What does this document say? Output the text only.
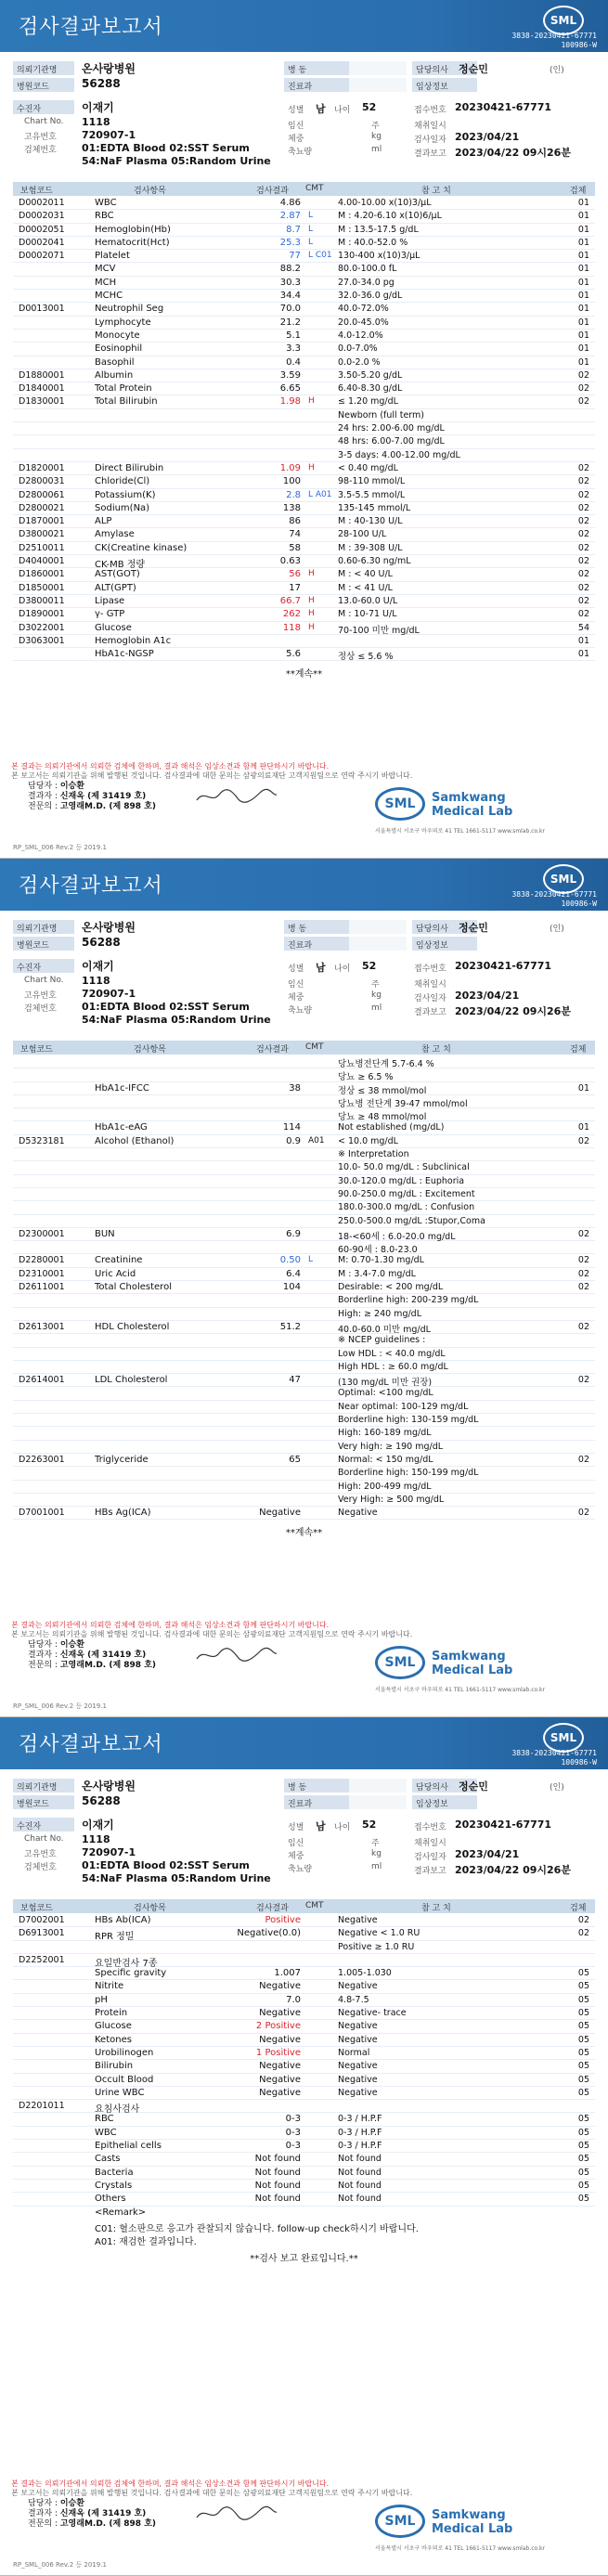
검사결과보고서	SML
3838-20230421-67771
100986-W
의뢰기관명	온사랑병원
병원코드	56288
병 동
진료과
담당의사	정순민	(인)
임상정보
수진자	이재기
Chart No. 1118
고유번호 720907-1
검체번호 01:EDTA Blood 02:SST Serum
54:NaF Plasma 05:Random Urine
성별 남 나이 52
임신	주
체중	kg
축뇨량	ml
접수번호 20230421-67771
채취일시
검사일자 2023/04/21
결과보고 2023/04/22 09시26분
보험코드	검사항목	검사결과 CMT	참 고 치	검체
D0002011	WBC	4.86	4.00-10.00 x(10)3/μL	01
D0002031	RBC	2.87 L	M : 4.20-6.10 x(10)6/μL	01
D0002051	Hemoglobin(Hb)	8.7 L	M : 13.5-17.5 g/dL	01
D0002041	Hematocrit(Hct)	25.3 L	M : 40.0-52.0 %	01
D0002071	Platelet	77 L C01 130-400 x(10)3/μL	01
MCV	88.2	80.0-100.0 fL	01
MCH	30.3	27.0-34.0 pg	01
MCHC	34.4	32.0-36.0 g/dL	01
D0013001	Neutrophil Seg	70.0	40.0-72.0%	01
Lymphocyte	21.2	20.0-45.0%	01
Monocyte	5.1	4.0-12.0%	01
Eosinophil	3.3	0.0-7.0%	01
Basophil	0.4	0.0-2.0 %	01
D1880001	Albumin	3.59	3.50-5.20 g/dL	02
D1840001	Total Protein	6.65	6.40-8.30 g/dL	02
D1830001	Total Bilirubin	1.98 H	≤ 1.20 mg/dL	02
Newborn (full term)
24 hrs: 2.00-6.00 mg/dL
48 hrs: 6.00-7.00 mg/dL
3-5 days: 4.00-12.00 mg/dL
D1820001	Direct Bilirubin	1.09 H	< 0.40 mg/dL	02
D2800031	Chloride(Cl)	100	98-110 mmol/L	02
D2800061	Potassium(K)	2.8 L A01 3.5-5.5 mmol/L	02
D2800021	Sodium(Na)	138	135-145 mmol/L	02
D1870001	ALP	86	M : 40-130 U/L	02
D3800021	Amylase	74	28-100 U/L	02
D2510011	CK(Creatine kinase)	58	M : 39-308 U/L	02
D4040001	CK-MB 정량	0.63	0.60-6.30 ng/mL	02
D1860001	AST(GOT)	56 H	M : < 40 U/L	02
D1850001	ALT(GPT)	17	M : < 41 U/L	02
D3800011	Lipase	66.7 H	13.0-60.0 U/L	02
D1890001	γ- GTP	262 H	M : 10-71 U/L	02
D3022001	Glucose	118 H	70-100 미만 mg/dL	54
D3063001	Hemoglobin A1c	01
HbA1c-NGSP	5.6	정상 ≤ 5.6 %	01
**계속**
본 결과는 의뢰기관에서 의뢰한 검체에 한하며, 결과 해석은 임상소견과 함께 판단하시기 바랍니다.
본 보고서는 의뢰기관을 위해 발행된 것입니다. 검사결과에 대한 문의는 삼광의료재단 고객지원팀으로 연락 주시기 바랍니다.
담당자 : 이승환
결과자 : 신재옥 (제 31419 호)
전문의 : 고영래M.D. (제 898 호)	SML	Samkwang
Medical Lab
서울특별시 서초구 바우뫼로 41 TEL 1661-5117 www.smlab.co.kr
RP_SML_006 Rev.2 등 2019.1
검사결과보고서	SML
3838-20230421-67771
100986-W
의뢰기관명	온사랑병원
병원코드	56288
병 동
진료과
담당의사	정순민	(인)
임상정보
수진자	이재기
Chart No. 1118
고유번호 720907-1
검체번호 01:EDTA Blood 02:SST Serum
54:NaF Plasma 05:Random Urine
성별 남 나이 52
임신	주
체중	kg
축뇨량	ml
접수번호 20230421-67771
채취일시
검사일자 2023/04/21
결과보고 2023/04/22 09시26분
보험코드	검사항목	검사결과 CMT	참 고 치	검체
당뇨병전단계 5.7-6.4 %
당뇨 ≥ 6.5 %
HbA1c-IFCC	38	정상 ≤ 38 mmol/mol	01
당뇨병 전단계 39-47 mmol/mol
당뇨 ≥ 48 mmol/mol
HbA1c-eAG	114	Not established (mg/dL)	01
D5323181	Alcohol (Ethanol)	0.9 A01	< 10.0 mg/dL	02
※ Interpretation
10.0- 50.0 mg/dL : Subclinical
30.0-120.0 mg/dL : Euphoria
90.0-250.0 mg/dL : Excitement
180.0-300.0 mg/dL : Confusion
250.0-500.0 mg/dL :Stupor,Coma
D2300001	BUN	6.9	18-<60세 : 6.0-20.0 mg/dL	02
60-90세 : 8.0-23.0
D2280001	Creatinine	0.50 L	M: 0.70-1.30 mg/dL	02
D2310001	Uric Acid	6.4	M : 3.4-7.0 mg/dL	02
D2611001	Total Cholesterol	104	Desirable: < 200 mg/dL	02
Borderline high: 200-239 mg/dL
High: ≥ 240 mg/dL
D2613001	HDL Cholesterol	51.2	40.0-60.0 미만 mg/dL	02
※ NCEP guidelines :
Low HDL : < 40.0 mg/dL
High HDL : ≥ 60.0 mg/dL
D2614001	LDL Cholesterol	47	(130 mg/dL 미만 권장)	02
Optimal: <100 mg/dL
Near optimal: 100-129 mg/dL
Borderline high: 130-159 mg/dL
High: 160-189 mg/dL
Very high: ≥ 190 mg/dL
D2263001	Triglyceride	65	Normal: < 150 mg/dL	02
Borderline high: 150-199 mg/dL
High: 200-499 mg/dL
Very High: ≥ 500 mg/dL
D7001001	HBs Ag(ICA)	Negative	Negative	02
**계속**
본 결과는 의뢰기관에서 의뢰한 검체에 한하며, 결과 해석은 임상소견과 함께 판단하시기 바랍니다.
본 보고서는 의뢰기관을 위해 발행된 것입니다. 검사결과에 대한 문의는 삼광의료재단 고객지원팀으로 연락 주시기 바랍니다.
담당자 : 이승환
결과자 : 신재옥 (제 31419 호)
전문의 : 고영래M.D. (제 898 호)	SML	Samkwang
Medical Lab
서울특별시 서초구 바우뫼로 41 TEL 1661-5117 www.smlab.co.kr
RP_SML_006 Rev.2 등 2019.1
검사결과보고서	SML
3838-20230421-67771
100986-W
의뢰기관명	온사랑병원
병원코드	56288
병 동
진료과
담당의사	정순민	(인)
임상정보
수진자	이재기
Chart No. 1118
고유번호 720907-1
검체번호 01:EDTA Blood 02:SST Serum
54:NaF Plasma 05:Random Urine
성별 남 나이 52
임신	주
체중	kg
축뇨량	ml
접수번호 20230421-67771
채취일시
검사일자 2023/04/21
결과보고 2023/04/22 09시26분
보험코드	검사항목	검사결과 CMT	참 고 치	검체
D7002001	HBs Ab(ICA)	Positive	Negative	02
D6913001	RPR 정밀	Negative(0.0)	Negative < 1.0 RU	02
Positive ≥ 1.0 RU
D2252001	요일반검사 7종
Specific gravity	1.007	1.005-1.030	05
Nitrite	Negative	Negative	05
pH	7.0	4.8-7.5	05
Protein	Negative	Negative- trace	05
Glucose	2 Positive	Negative	05
Ketones	Negative	Negative	05
Urobilinogen	1 Positive	Normal	05
Bilirubin	Negative	Negative	05
Occult Blood	Negative	Negative	05
Urine WBC	Negative	Negative	05
D2201011	요침사검사
RBC	0-3	0-3 / H.P.F	05
WBC	0-3	0-3 / H.P.F	05
Epithelial cells	0-3	0-3 / H.P.F	05
Casts	Not found	Not found	05
Bacteria	Not found	Not found	05
Crystals	Not found	Not found	05
Others	Not found	Not found	05
<Remark>
C01: 혈소판으로 응고가 관찰되지 않습니다. follow-up check하시기 바랍니다.
A01: 재검한 결과입니다.
**검사 보고 완료입니다.**
본 결과는 의뢰기관에서 의뢰한 검체에 한하며, 결과 해석은 임상소견과 함께 판단하시기 바랍니다.
본 보고서는 의뢰기관을 위해 발행된 것입니다. 검사결과에 대한 문의는 삼광의료재단 고객지원팀으로 연락 주시기 바랍니다.
담당자 : 이승환
결과자 : 신재옥 (제 31419 호)
전문의 : 고영래M.D. (제 898 호)	SML	Samkwang
Medical Lab
서울특별시 서초구 바우뫼로 41 TEL 1661-5117 www.smlab.co.kr
RP_SML_006 Rev.2 등 2019.1
